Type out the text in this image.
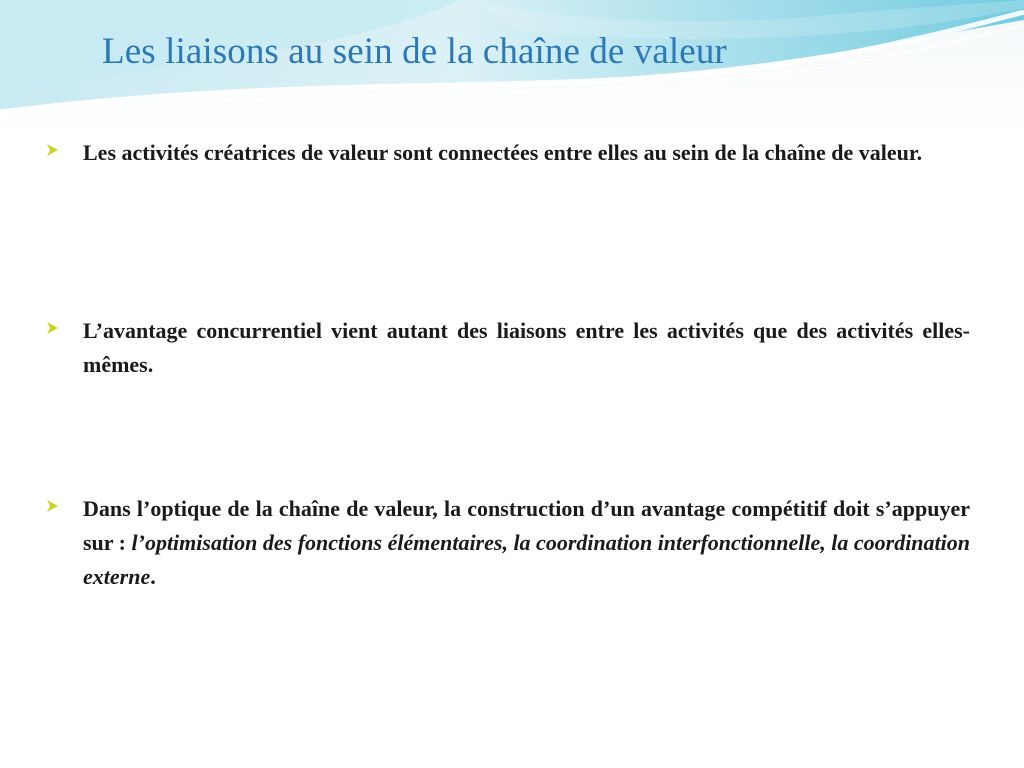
Les liaisons au sein de la chaîne de valeur
Les activités créatrices de valeur sont connectées entre elles au sein de la chaîne de valeur.
L’avantage concurrentiel vient autant des liaisons entre les activités que des activités elles-mêmes.
Dans l’optique de la chaîne de valeur, la construction d’un avantage compétitif doit s’appuyer sur : l’optimisation des fonctions élémentaires, la coordination interfonctionnelle, la coordination externe.
